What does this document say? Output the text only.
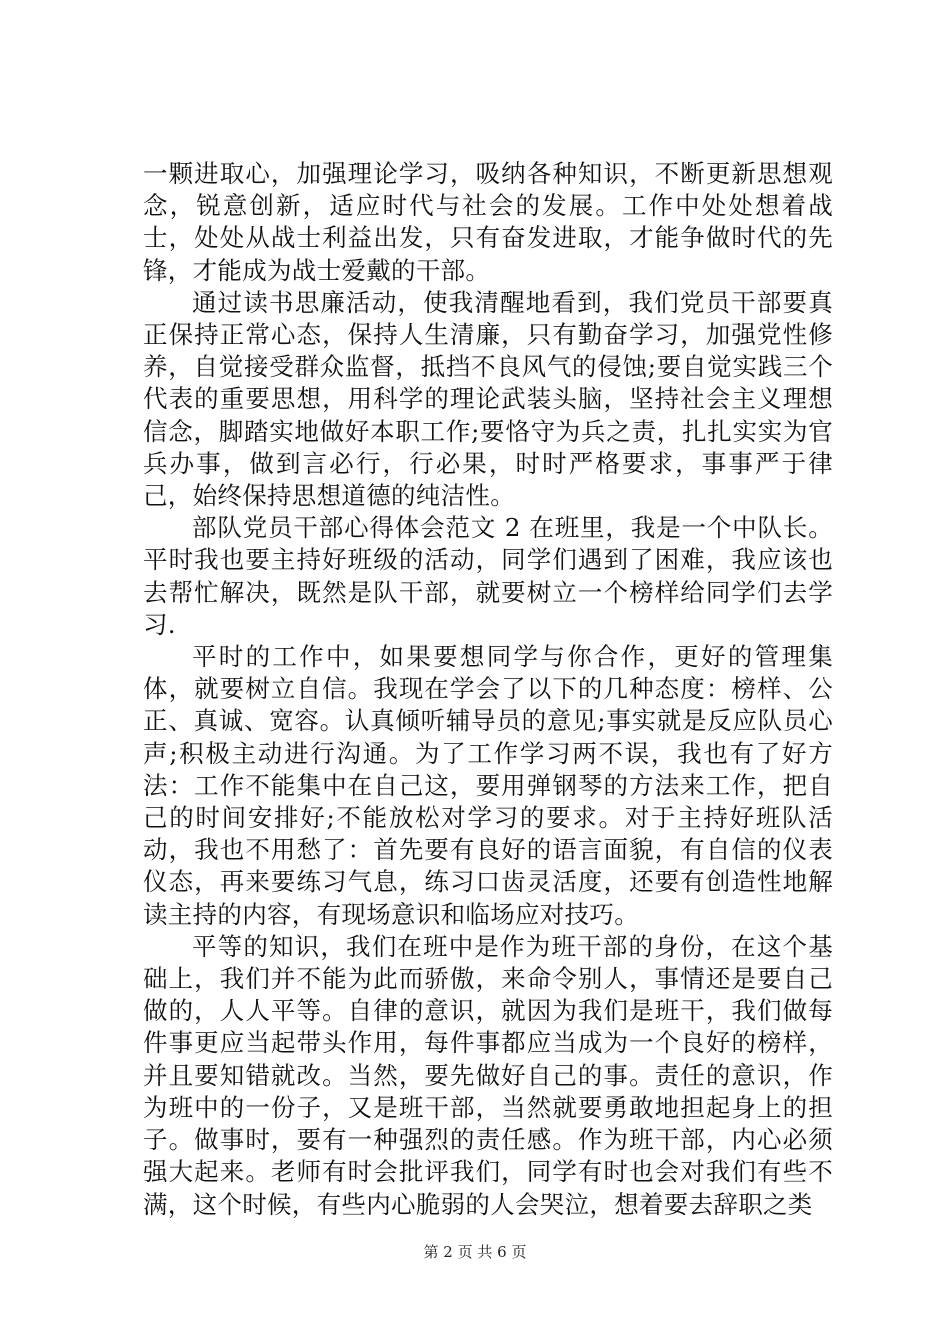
一颗进取心，加强理论学习，吸纳各种知识，不断更新思想观念，锐意创新，适应时代与社会的发展。工作中处处想着战士，处处从战士利益出发，只有奋发进取，才能争做时代的先锋，才能成为战士爱戴的干部。

通过读书思廉活动，使我清醒地看到，我们党员干部要真正保持正常心态，保持人生清廉，只有勤奋学习，加强党性修养，自觉接受群众监督，抵挡不良风气的侵蚀;要自觉实践三个代表的重要思想，用科学的理论武装头脑，坚持社会主义理想信念，脚踏实地做好本职工作;要恪守为兵之责，扎扎实实为官兵办事，做到言必行，行必果，时时严格要求，事事严于律己，始终保持思想道德的纯洁性。

部队党员干部心得体会范文 2 在班里，我是一个中队长。平时我也要主持好班级的活动，同学们遇到了困难，我应该也去帮忙解决，既然是队干部，就要树立一个榜样给同学们去学习.

平时的工作中，如果要想同学与你合作，更好的管理集体，就要树立自信。我现在学会了以下的几种态度：榜样、公正、真诚、宽容。认真倾听辅导员的意见;事实就是反应队员心声;积极主动进行沟通。为了工作学习两不误，我也有了好方法：工作不能集中在自己这，要用弹钢琴的方法来工作，把自己的时间安排好;不能放松对学习的要求。对于主持好班队活动，我也不用愁了：首先要有良好的语言面貌，有自信的仪表仪态，再来要练习气息，练习口齿灵活度，还要有创造性地解读主持的内容，有现场意识和临场应对技巧。

平等的知识，我们在班中是作为班干部的身份，在这个基础上，我们并不能为此而骄傲，来命令别人，事情还是要自己做的，人人平等。自律的意识，就因为我们是班干，我们做每件事更应当起带头作用，每件事都应当成为一个良好的榜样，并且要知错就改。当然，要先做好自己的事。责任的意识，作为班中的一份子，又是班干部，当然就要勇敢地担起身上的担子。做事时，要有一种强烈的责任感。作为班干部，内心必须强大起来。老师有时会批评我们，同学有时也会对我们有些不满，这个时候，有些内心脆弱的人会哭泣，想着要去辞职之类

第 2 页 共 6 页
